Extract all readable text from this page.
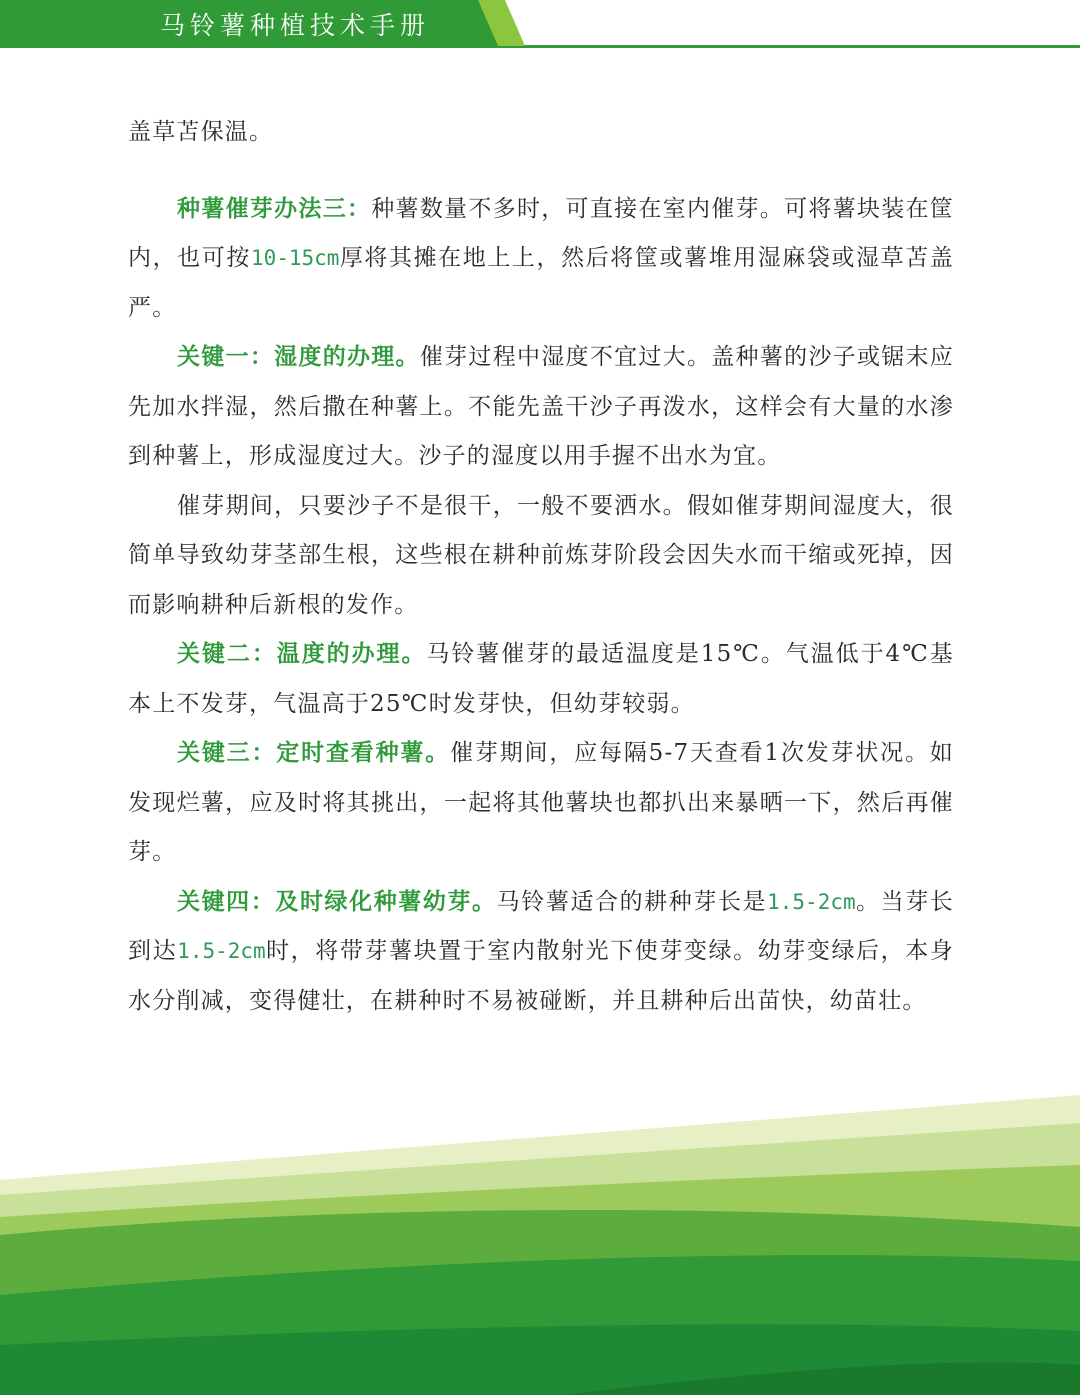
马铃薯种植技术手册

盖草苫保温。

种薯催芽办法三：种薯数量不多时，可直接在室内催芽。可将薯块装在筐内，也可按10-15cm厚将其摊在地上上，然后将筐或薯堆用湿麻袋或湿草苫盖严。

关键一：湿度的办理。催芽过程中湿度不宜过大。盖种薯的沙子或锯末应先加水拌湿，然后撒在种薯上。不能先盖干沙子再泼水，这样会有大量的水渗到种薯上，形成湿度过大。沙子的湿度以用手握不出水为宜。

催芽期间，只要沙子不是很干，一般不要洒水。假如催芽期间湿度大，很简单导致幼芽茎部生根，这些根在耕种前炼芽阶段会因失水而干缩或死掉，因而影响耕种后新根的发作。

关键二：温度的办理。马铃薯催芽的最适温度是15℃。气温低于4℃基本上不发芽，气温高于25℃时发芽快，但幼芽较弱。

关键三：定时查看种薯。催芽期间，应每隔5-7天查看1次发芽状况。如发现烂薯，应及时将其挑出，一起将其他薯块也都扒出来暴晒一下，然后再催芽。

关键四：及时绿化种薯幼芽。马铃薯适合的耕种芽长是1.5-2cm。当芽长到达1.5-2cm时，将带芽薯块置于室内散射光下使芽变绿。幼芽变绿后，本身水分削减，变得健壮，在耕种时不易被碰断，并且耕种后出苗快，幼苗壮。
